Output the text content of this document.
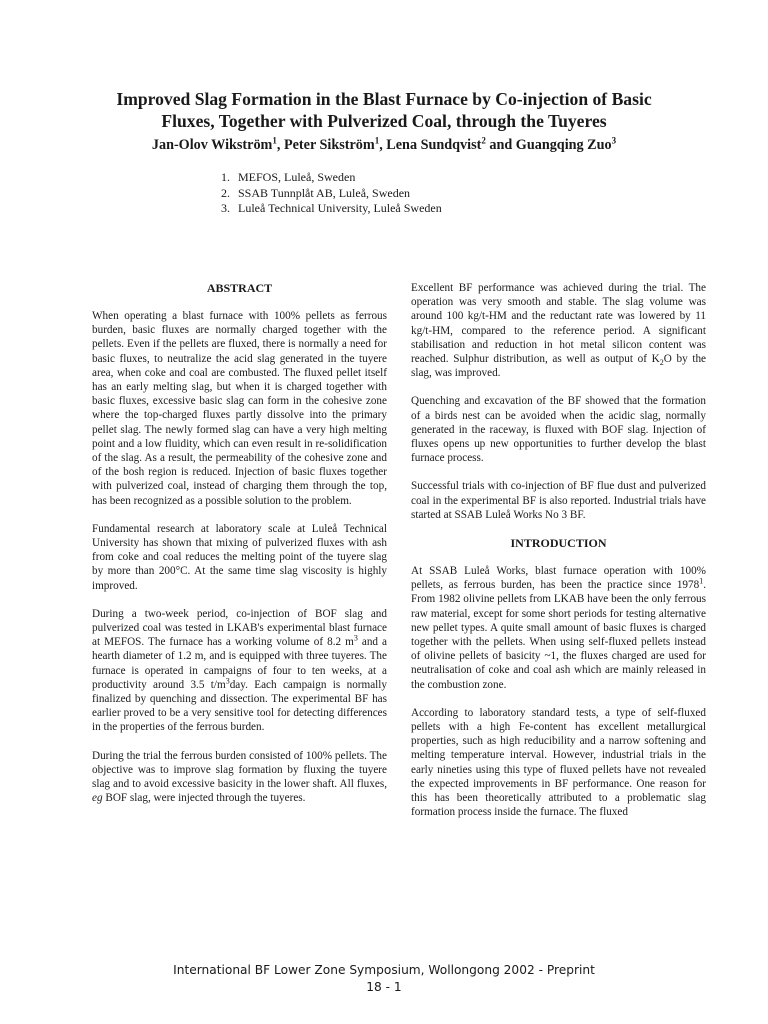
Improved Slag Formation in the Blast Furnace by Co-injection of Basic Fluxes, Together with Pulverized Coal, through the Tuyeres
Jan-Olov Wikström$^1$, Peter Sikström$^1$, Lena Sundqvist$^2$ and Guangqing Zuo$^3$
1. MEFOS, Luleå, Sweden
2. SSAB Tunnplåt AB, Luleå, Sweden
3. Luleå Technical University, Luleå Sweden
ABSTRACT

When operating a blast furnace with 100% pellets as ferrous burden, basic fluxes are normally charged together with the pellets. Even if the pellets are fluxed, there is normally a need for basic fluxes, to neutralize the acid slag generated in the tuyere area, when coke and coal are combusted. The fluxed pellet itself has an early melting slag, but when it is charged together with basic fluxes, excessive basic slag can form in the cohesive zone where the top-charged fluxes partly dissolve into the primary pellet slag. The newly formed slag can have a very high melting point and a low fluidity, which can even result in re-solidification of the slag. As a result, the permeability of the cohesive zone and of the bosh region is reduced. Injection of basic fluxes together with pulverized coal, instead of charging them through the top, has been recognized as a possible solution to the problem.

Fundamental research at laboratory scale at Luleå Technical University has shown that mixing of pulverized fluxes with ash from coke and coal reduces the melting point of the tuyere slag by more than 200°C. At the same time slag viscosity is highly improved.

During a two-week period, co-injection of BOF slag and pulverized coal was tested in LKAB's experimental blast furnace at MEFOS. The furnace has a working volume of 8.2 $m^3$ and a hearth diameter of 1.2 m, and is equipped with three tuyeres. The furnace is operated in campaigns of four to ten weeks, at a productivity around 3.5 $t/m^3day$. Each campaign is normally finalized by quenching and dissection. The experimental BF has earlier proved to be a very sensitive tool for detecting differences in the properties of the ferrous burden.

During the trial the ferrous burden consisted of 100% pellets. The objective was to improve slag formation by fluxing the tuyere slag and to avoid excessive basicity in the lower shaft. All fluxes, eg BOF slag, were injected through the tuyeres.

Excellent BF performance was achieved during the trial. The operation was very smooth and stable. The slag volume was around 100 kg/t-HM and the reductant rate was lowered by 11 kg/t-HM, compared to the reference period. A significant stabilisation and reduction in hot metal silicon content was reached. Sulphur distribution, as well as output of $K_2O$ by the slag, was improved.

Quenching and excavation of the BF showed that the formation of a birds nest can be avoided when the acidic slag, normally generated in the raceway, is fluxed with BOF slag. Injection of fluxes opens up new opportunities to further develop the blast furnace process.

Successful trials with co-injection of BF flue dust and pulverized coal in the experimental BF is also reported. Industrial trials have started at SSAB Luleå Works No 3 BF.

INTRODUCTION

At SSAB Luleå Works, blast furnace operation with 100% pellets, as ferrous burden, has been the practice since 1978$^1$. From 1982 olivine pellets from LKAB have been the only ferrous raw material, except for some short periods for testing alternative new pellet types. A quite small amount of basic fluxes is charged together with the pellets. When using self-fluxed pellets instead of olivine pellets of basicity ~1, the fluxes charged are used for neutralisation of coke and coal ash which are mainly released in the combustion zone.

According to laboratory standard tests, a type of self-fluxed pellets with a high Fe-content has excellent metallurgical properties, such as high reducibility and a narrow softening and melting temperature interval. However, industrial trials in the early nineties using this type of fluxed pellets have not revealed the expected improvements in BF performance. One reason for this has been theoretically attributed to a problematic slag formation process inside the furnace. The fluxed

International BF Lower Zone Symposium, Wollongong 2002 - Preprint
18 - 1
